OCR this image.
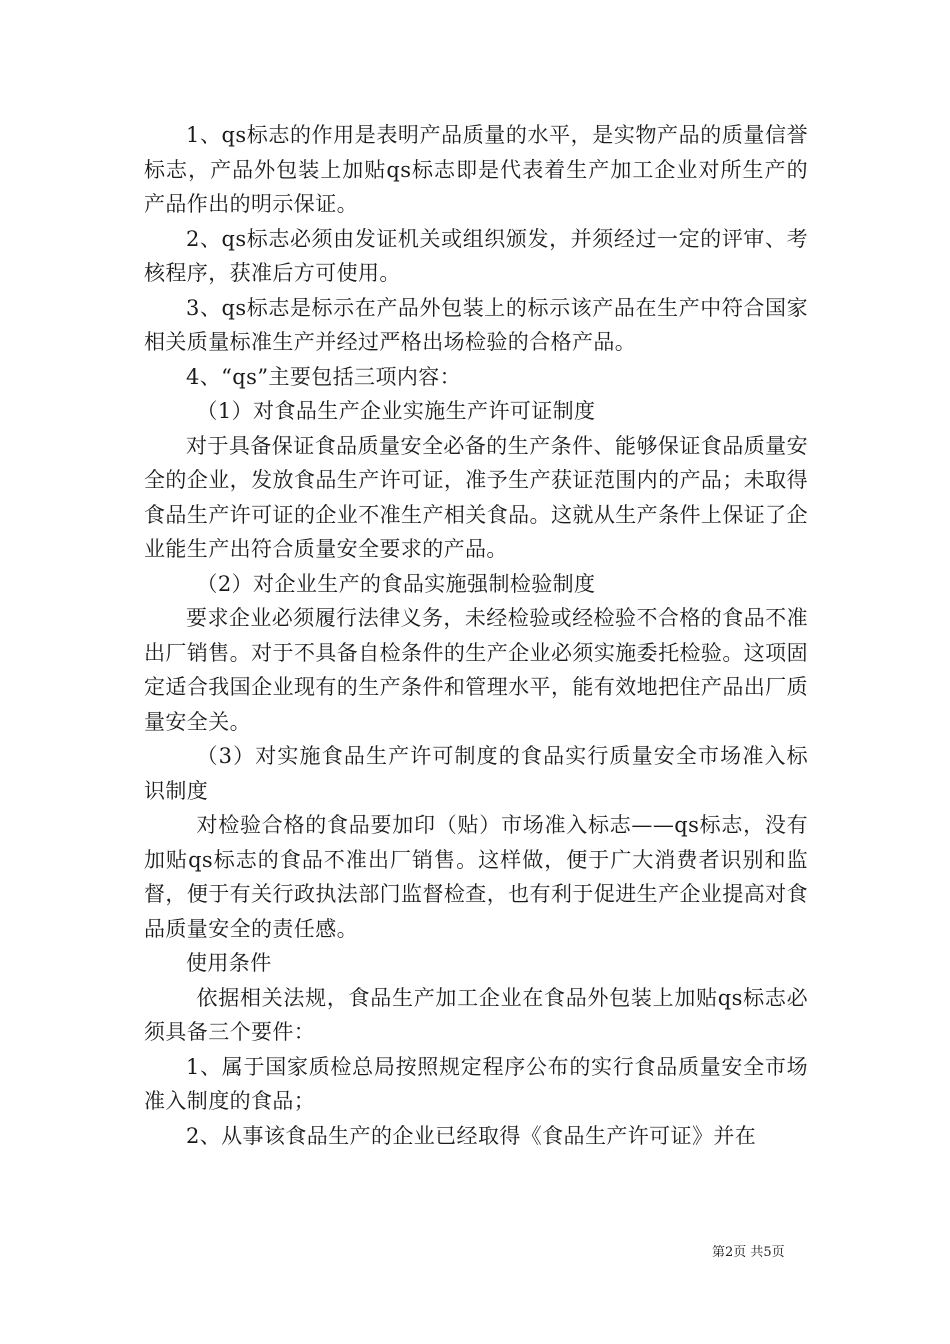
1、qs标志的作用是表明产品质量的水平，是实物产品的质量信誉标志，产品外包装上加贴qs标志即是代表着生产加工企业对所生产的产品作出的明示保证。

2、qs标志必须由发证机关或组织颁发，并须经过一定的评审、考核程序，获准后方可使用。

3、qs标志是标示在产品外包装上的标示该产品在生产中符合国家相关质量标准生产并经过严格出场检验的合格产品。

4、“qs”主要包括三项内容：

（1）对食品生产企业实施生产许可证制度

对于具备保证食品质量安全必备的生产条件、能够保证食品质量安全的企业，发放食品生产许可证，准予生产获证范围内的产品；未取得食品生产许可证的企业不准生产相关食品。这就从生产条件上保证了企业能生产出符合质量安全要求的产品。

（2）对企业生产的食品实施强制检验制度

要求企业必须履行法律义务，未经检验或经检验不合格的食品不准出厂销售。对于不具备自检条件的生产企业必须实施委托检验。这项固定适合我国企业现有的生产条件和管理水平，能有效地把住产品出厂质量安全关。

（3）对实施食品生产许可制度的食品实行质量安全市场准入标识制度

对检验合格的食品要加印（贴）市场准入标志——qs标志，没有加贴qs标志的食品不准出厂销售。这样做，便于广大消费者识别和监督，便于有关行政执法部门监督检查，也有利于促进生产企业提高对食品质量安全的责任感。

使用条件

依据相关法规，食品生产加工企业在食品外包装上加贴qs标志必须具备三个要件：

1、属于国家质检总局按照规定程序公布的实行食品质量安全市场准入制度的食品；

2、从事该食品生产的企业已经取得《食品生产许可证》并在

第2页 共5页
